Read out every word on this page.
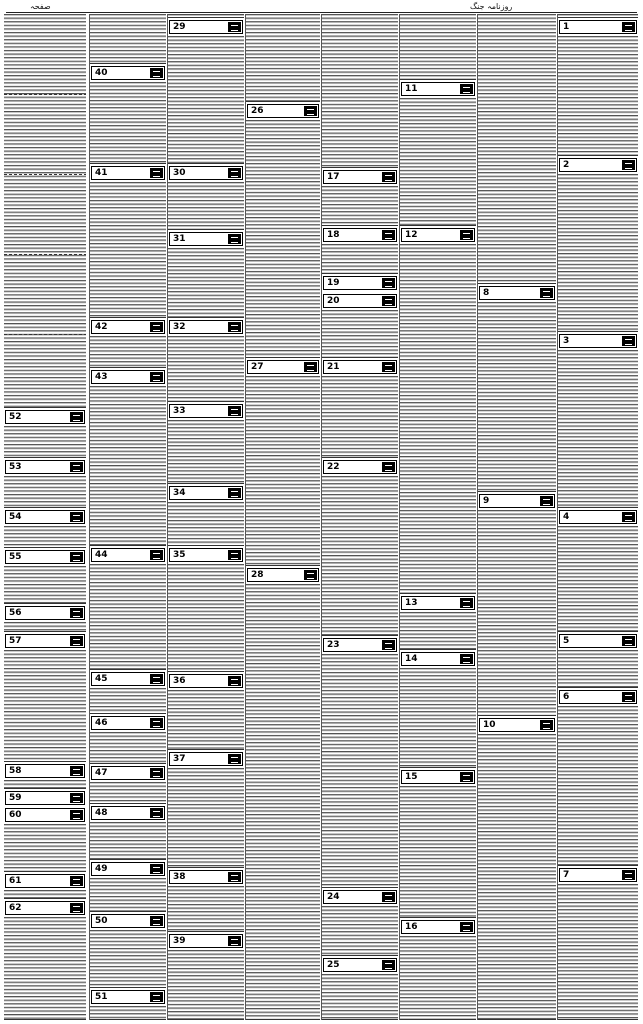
صفحہ	روزنامہ جنگ
52
53
54
55
56
57
58
59
60
61
62
40
41
42
43
44
45
46
47
48
49
50
51
29
30
31
32
33
34
35
36
37
38
39
26
27
28
17
18
19
20
21
22
23
24
25
11
12
13
14
15
16
8
9
10
1
2
3
4
5
6
7
